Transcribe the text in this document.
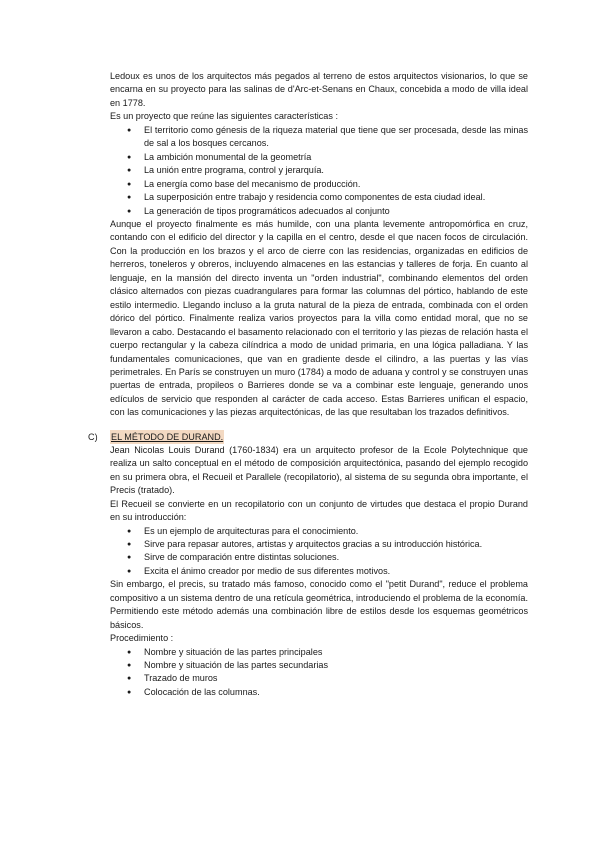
Ledoux es unos de los arquitectos más pegados al terreno de estos arquitectos visionarios, lo que se encarna en su proyecto para las salinas de d'Arc-et-Senans en Chaux, concebida a modo de villa ideal en 1778.

Es un proyecto que reúne las siguientes características :

● El territorio como génesis de la riqueza material que tiene que ser procesada, desde las minas de sal a los bosques cercanos.
● La ambición monumental de la geometría
● La unión entre programa, control y jerarquía.
● La energía como base del mecanismo de producción.
● La superposición entre trabajo y residencia como componentes de esta ciudad ideal.
● La generación de tipos programáticos adecuados al conjunto

Aunque el proyecto finalmente es más humilde, con una planta levemente antropomórfica en cruz, contando con el edificio del director y la capilla en el centro, desde el que nacen focos de circulación. Con la producción en los brazos y el arco de cierre con las residencias, organizadas en edificios de herreros, toneleros y obreros, incluyendo almacenes en las estancias y talleres de forja. En cuanto al lenguaje, en la mansión del directo inventa un "orden industrial", combinando elementos del orden clásico alternados con piezas cuadrangulares para formar las columnas del pórtico, hablando de este estilo intermedio. Llegando incluso a la gruta natural de la pieza de entrada, combinada con el orden dórico del pórtico. Finalmente realiza varios proyectos para la villa como entidad moral, que no se llevaron a cabo. Destacando el basamento relacionado con el territorio y las piezas de relación hasta el cuerpo rectangular y la cabeza cilíndrica a modo de unidad primaria, en una lógica palladiana. Y las fundamentales comunicaciones, que van en gradiente desde el cilindro, a las puertas y las vías perimetrales. En París se construyen un muro (1784) a modo de aduana y control y se construyen unas puertas de entrada, propileos o Barrieres donde se va a combinar este lenguaje, generando unos edículos de servicio que responden al carácter de cada acceso. Estas Barrieres unifican el espacio, con las comunicaciones y las piezas arquitectónicas, de las que resultaban los trazados definitivos.

C) EL MÉTODO DE DURAND.

Jean Nicolas Louis Durand (1760-1834) era un arquitecto profesor de la Ecole Polytechnique que realiza un salto conceptual en el método de composición arquitectónica, pasando del ejemplo recogido en su primera obra, el Recueil et Parallele (recopilatorio), al sistema de su segunda obra importante, el Precis (tratado).

El Recueil se convierte en un recopilatorio con un conjunto de virtudes que destaca el propio Durand en su introducción:

● Es un ejemplo de arquitecturas para el conocimiento.
● Sirve para repasar autores, artistas y arquitectos gracias a su introducción histórica.
● Sirve de comparación entre distintas soluciones.
● Excita el ánimo creador por medio de sus diferentes motivos.

Sin embargo, el precis, su tratado más famoso, conocido como el "petit Durand", reduce el problema compositivo a un sistema dentro de una retícula geométrica, introduciendo el problema de la economía. Permitiendo este método además una combinación libre de estilos desde los esquemas geométricos básicos.

Procedimiento :

● Nombre y situación de las partes principales
● Nombre y situación de las partes secundarias
● Trazado de muros
● Colocación de las columnas.
